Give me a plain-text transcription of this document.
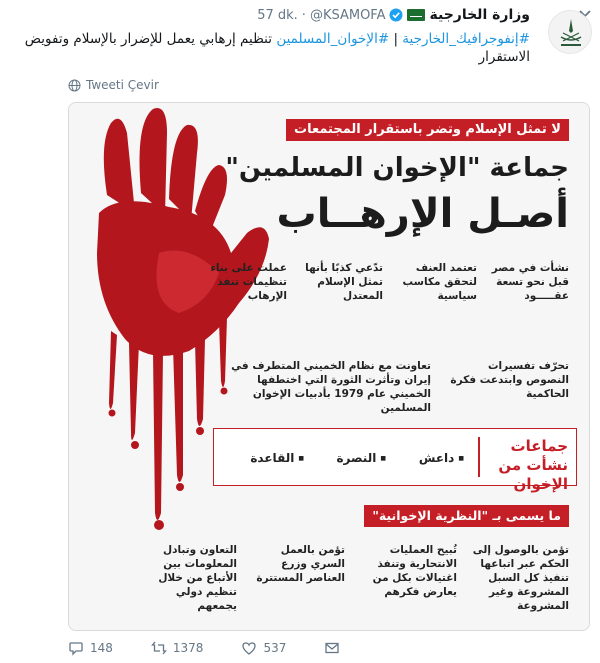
وزارة الخارجية
@KSAMOFA
·
57 dk.
#إنفوجرافيك_الخارجية | #الإخوان_المسلمين تنظيم إرهابي يعمل للإضرار بالإسلام وتفويض الاستقرار
Tweeti Çevir
لا تمثل الإسلام وتضر باستقرار المجتمعات
جماعة "الإخوان المسلمين"
أصـل الإرهــاب
نشأت في مصر قبل نحو تسعة عقـــــود
تعتمد العنف لتحقق مكاسب سياسية
تدّعي كذبًا بأنها تمثل الإسلام المعتدل
عملت على بناء تنظيمات تنفذ الإرهاب
تحرّف تفسيرات النصوص وابتدعت فكرة الحاكمية
تعاونت مع نظام الخميني المتطرف في إيران وتأثرت الثورة التي اختطفها الخميني عام 1979 بأدبيات الإخوان المسلمين
جماعات نشأت من الإخوان
■ داعش
■ النصرة
■ القاعدة
ما يسمى بـ "النظرية الإخوانية"
تؤمن بالوصول إلى الحكم عبر اتباعها تنفيذ كل السبل المشروعة وغير المشروعة
تُبيح العمليات الانتحارية وتنفذ اغتيالات بكل من يعارض فكرهم
تؤمن بالعمل السري وزرع العناصر المستترة
التعاون وتبادل المعلومات بين الأتباع من خلال تنظيم دولي يجمعهم
148	1378	537
